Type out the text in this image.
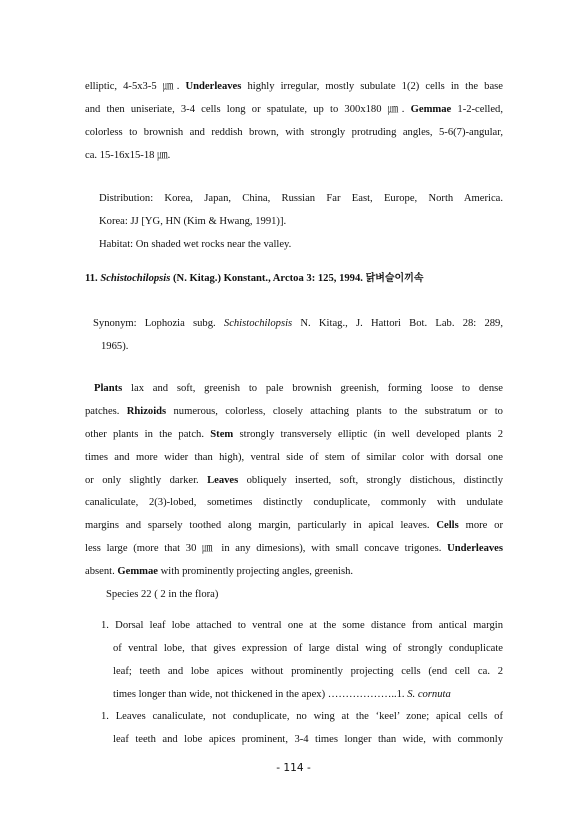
elliptic, 4-5x3-5 ㎛. Underleaves highly irregular, mostly subulate 1(2) cells in the base
and then uniseriate, 3-4 cells long or spatulate, up to 300x180 ㎛. Gemmae 1-2-celled,
colorless to brownish and reddish brown, with strongly protruding angles, 5-6(7)-angular,
ca. 15-16x15-18 ㎛.
Distribution: Korea, Japan, China, Russian Far East, Europe, North America.
Korea: JJ [YG, HN (Kim & Hwang, 1991)].
Habitat: On shaded wet rocks near the valley.
11. Schistochilopsis (N. Kitag.) Konstant., Arctoa 3: 125, 1994. 닭벼슬이끼속
Synonym: Lophozia subg. Schistochilopsis N. Kitag., J. Hattori Bot. Lab. 28: 289,
1965).
Plants lax and soft, greenish to pale brownish greenish, forming loose to dense
patches. Rhizoids numerous, colorless, closely attaching plants to the substratum or to
other plants in the patch. Stem strongly transversely elliptic (in well developed plants 2
times and more wider than high), ventral side of stem of similar color with dorsal one
or only slightly darker. Leaves obliquely inserted, soft, strongly distichous, distinctly
canaliculate, 2(3)-lobed, sometimes distinctly conduplicate, commonly with undulate
margins and sparsely toothed along margin, particularly in apical leaves. Cells more or
less large (more that 30 ㎛ in any dimesions), with small concave trigones. Underleaves
absent. Gemmae with prominently projecting angles, greenish.
Species 22 ( 2 in the flora)
1. Dorsal leaf lobe attached to ventral one at the some distance from antical margin
of ventral lobe, that gives expression of large distal wing of strongly conduplicate
leaf; teeth and lobe apices without prominently projecting cells (end cell ca. 2
times longer than wide, not thickened in the apex) ………………..1. S. cornuta
1. Leaves canaliculate, not conduplicate, no wing at the ‘keel’ zone; apical cells of
leaf teeth and lobe apices prominent, 3-4 times longer than wide, with commonly
- 114 -
